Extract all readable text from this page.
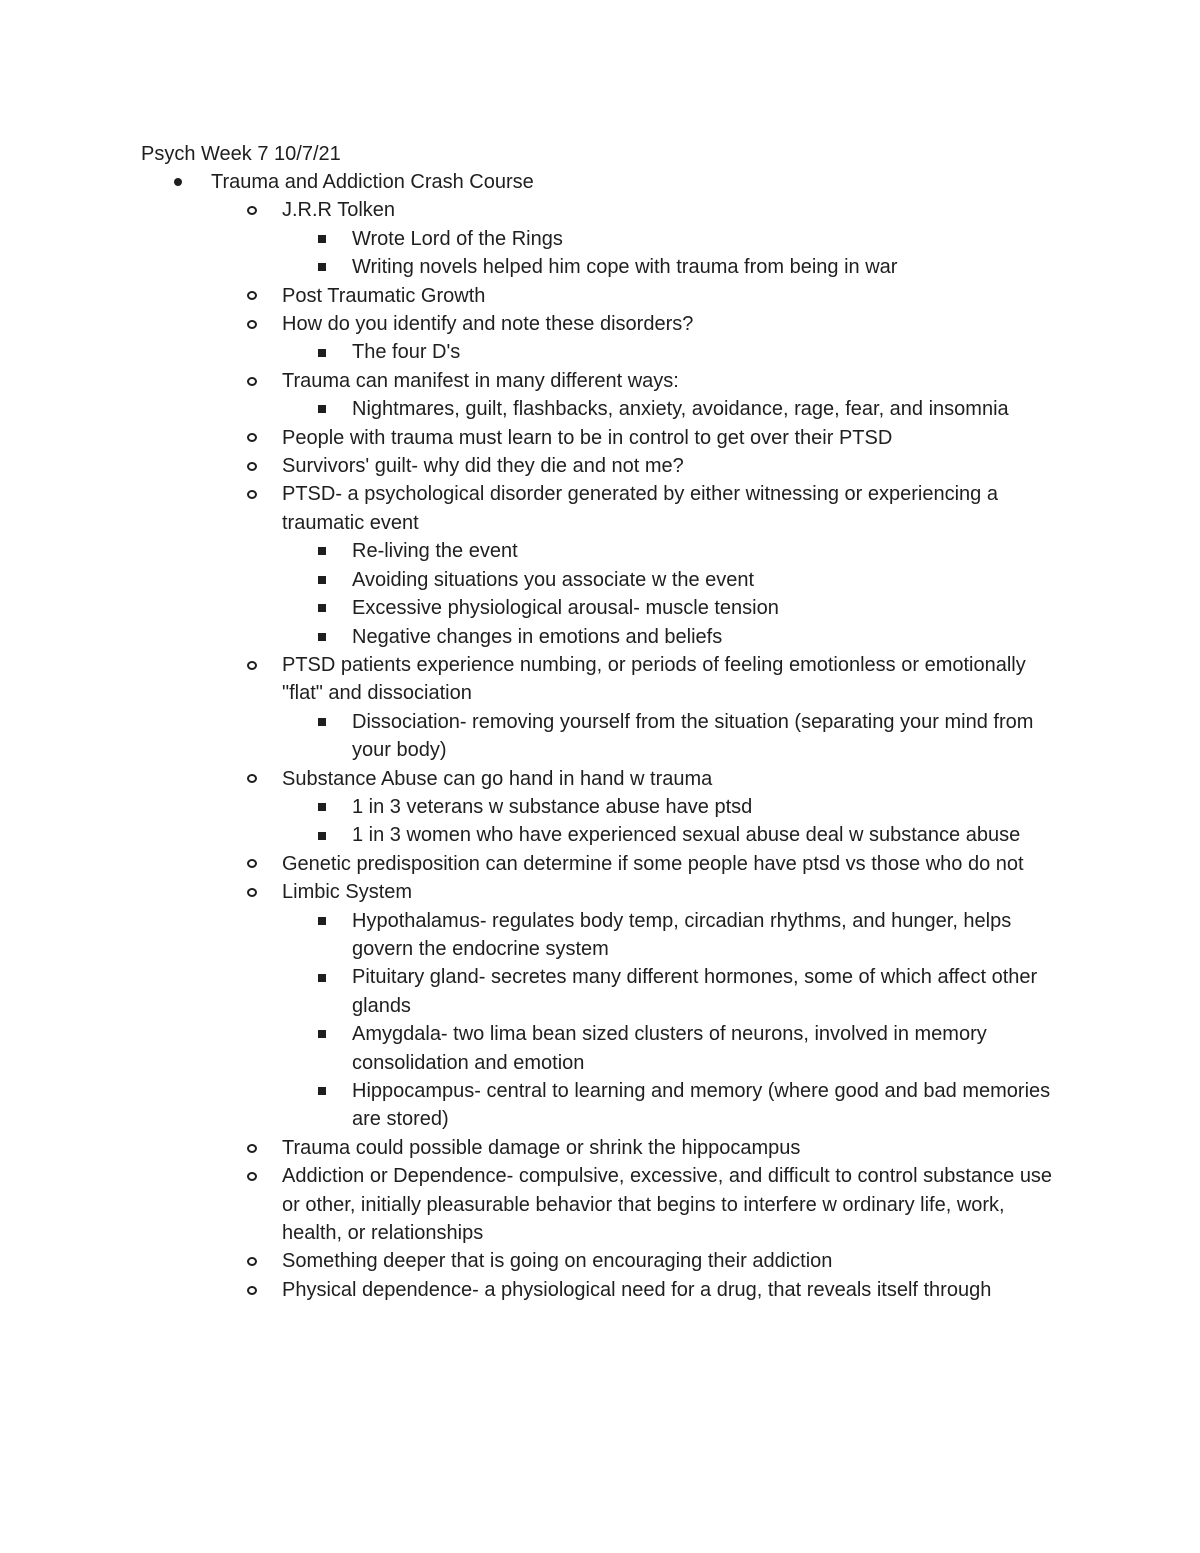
Psych Week 7 10/7/21
Trauma and Addiction Crash Course
J.R.R Tolken
Wrote Lord of the Rings
Writing novels helped him cope with trauma from being in war
Post Traumatic Growth
How do you identify and note these disorders?
The four D's
Trauma can manifest in many different ways:
Nightmares, guilt, flashbacks, anxiety, avoidance, rage, fear, and insomnia
People with trauma must learn to be in control to get over their PTSD
Survivors' guilt- why did they die and not me?
PTSD- a psychological disorder generated by either witnessing or experiencing a traumatic event
Re-living the event
Avoiding situations you associate w the event
Excessive physiological arousal- muscle tension
Negative changes in emotions and beliefs
PTSD patients experience numbing, or periods of feeling emotionless or emotionally "flat" and dissociation
Dissociation- removing yourself from the situation (separating your mind from your body)
Substance Abuse can go hand in hand w trauma
1 in 3 veterans w substance abuse have ptsd
1 in 3 women who have experienced sexual abuse deal w substance abuse
Genetic predisposition can determine if some people have ptsd vs those who do not
Limbic System
Hypothalamus- regulates body temp, circadian rhythms, and hunger, helps govern the endocrine system
Pituitary gland- secretes many different hormones, some of which affect other glands
Amygdala- two lima bean sized clusters of neurons, involved in memory consolidation and emotion
Hippocampus- central to learning and memory (where good and bad memories are stored)
Trauma could possible damage or shrink the hippocampus
Addiction or Dependence- compulsive, excessive, and difficult to control substance use or other, initially pleasurable behavior that begins to interfere w ordinary life, work, health, or relationships
Something deeper that is going on encouraging their addiction
Physical dependence- a physiological need for a drug, that reveals itself through
